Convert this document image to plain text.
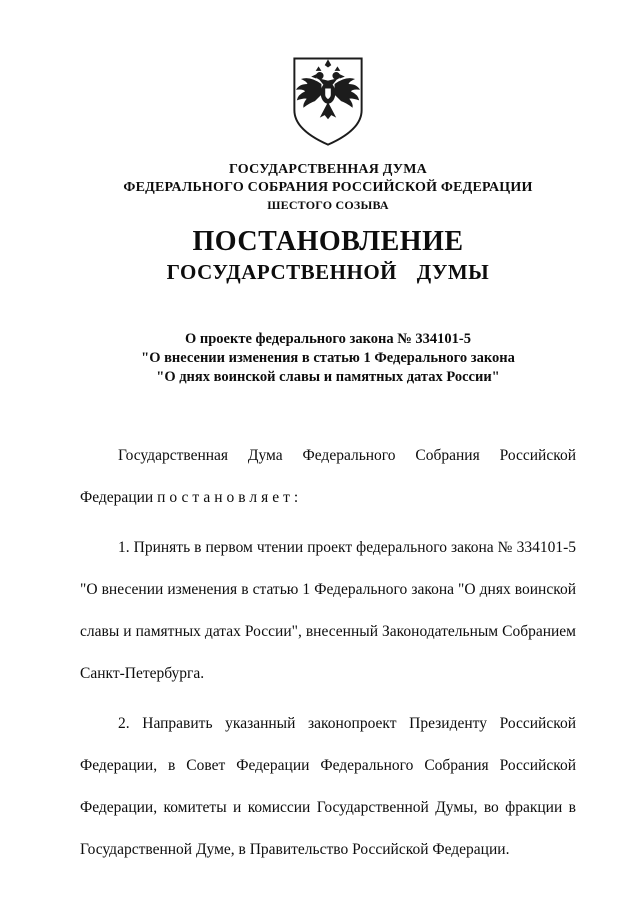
ГОСУДАРСТВЕННАЯ ДУМА
ФЕДЕРАЛЬНОГО СОБРАНИЯ РОССИЙСКОЙ ФЕДЕРАЦИИ
ШЕСТОГО СОЗЫВА
ПОСТАНОВЛЕНИЕ
ГОСУДАРСТВЕННОЙ ДУМЫ
О проекте федерального закона № 334101-5
"О внесении изменения в статью 1 Федерального закона
"О днях воинской славы и памятных датах России"

Государственная Дума Федерального Собрания Российской Федерации постановляет:

1. Принять в первом чтении проект федерального закона № 334101-5 "О внесении изменения в статью 1 Федерального закона "О днях воинской славы и памятных датах России", внесенный Законодательным Собранием Санкт-Петербурга.

2. Направить указанный законопроект Президенту Российской Федерации, в Совет Федерации Федерального Собрания Российской Федерации, комитеты и комиссии Государственной Думы, во фракции в Государственной Думе, в Правительство Российской Федерации.
